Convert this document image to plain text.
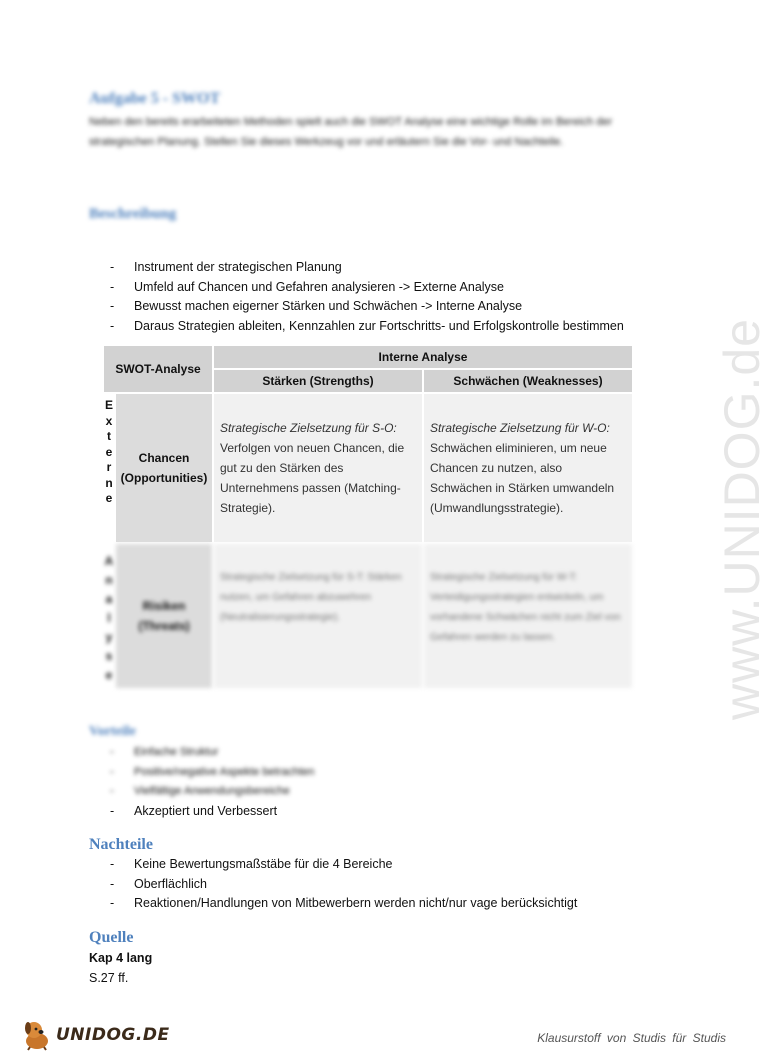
Aufgabe 5 - SWOT
Neben den bereits erarbeiteten Methoden spielt auch die SWOT Analyse eine wichtige Rolle im Bereich der strategischen Planung. Stellen Sie dieses Werkzeug vor und erläutern Sie die Vor- und Nachteile.
Beschreibung
- Instrument der strategischen Planung
- Umfeld auf Chancen und Gefahren analysieren -> Externe Analyse
- Bewusst machen eigerner Stärken und Schwächen -> Interne Analyse
- Daraus Strategien ableiten, Kennzahlen zur Fortschritts- und Erfolgskontrolle bestimmen
SWOT-Analyse
Interne Analyse
Stärken (Strengths)	Schwächen (Weaknesses)
E
x
t
e
r
n
e
A
n
a
l
y
s
e
Chancen (Opportunities)
Risiken (Threats)
Strategische Zielsetzung für S-O:
Verfolgen von neuen Chancen, die gut zu den Stärken des Unternehmens passen (Matching-Strategie).
Strategische Zielsetzung für W-O:
Schwächen eliminieren, um neue Chancen zu nutzen, also Schwächen in Stärken umwandeln (Umwandlungsstrategie).
Strategische Zielsetzung für S-T: Stärken nutzen, um Gefahren abzuwehren (Neutralisierungsstrategie).
Strategische Zielsetzung für W-T: Verteidigungsstrategien entwickeln, um vorhandene Schwächen nicht zum Ziel von Gefahren werden zu lassen.
Vorteile
- Einfache Struktur
- Positive/negative Aspekte betrachten
- Vielfältige Anwendungsbereiche
- Akzeptiert und Verbessert
Nachteile
- Keine Bewertungsmaßstäbe für die 4 Bereiche
- Oberflächlich
- Reaktionen/Handlungen von Mitbewerbern werden nicht/nur vage berücksichtigt
Quelle
Kap 4 lang
S.27 ff.
www.UNIDOG.de
UNIDOG.DE	Klausurstoff von Studis für Studis
